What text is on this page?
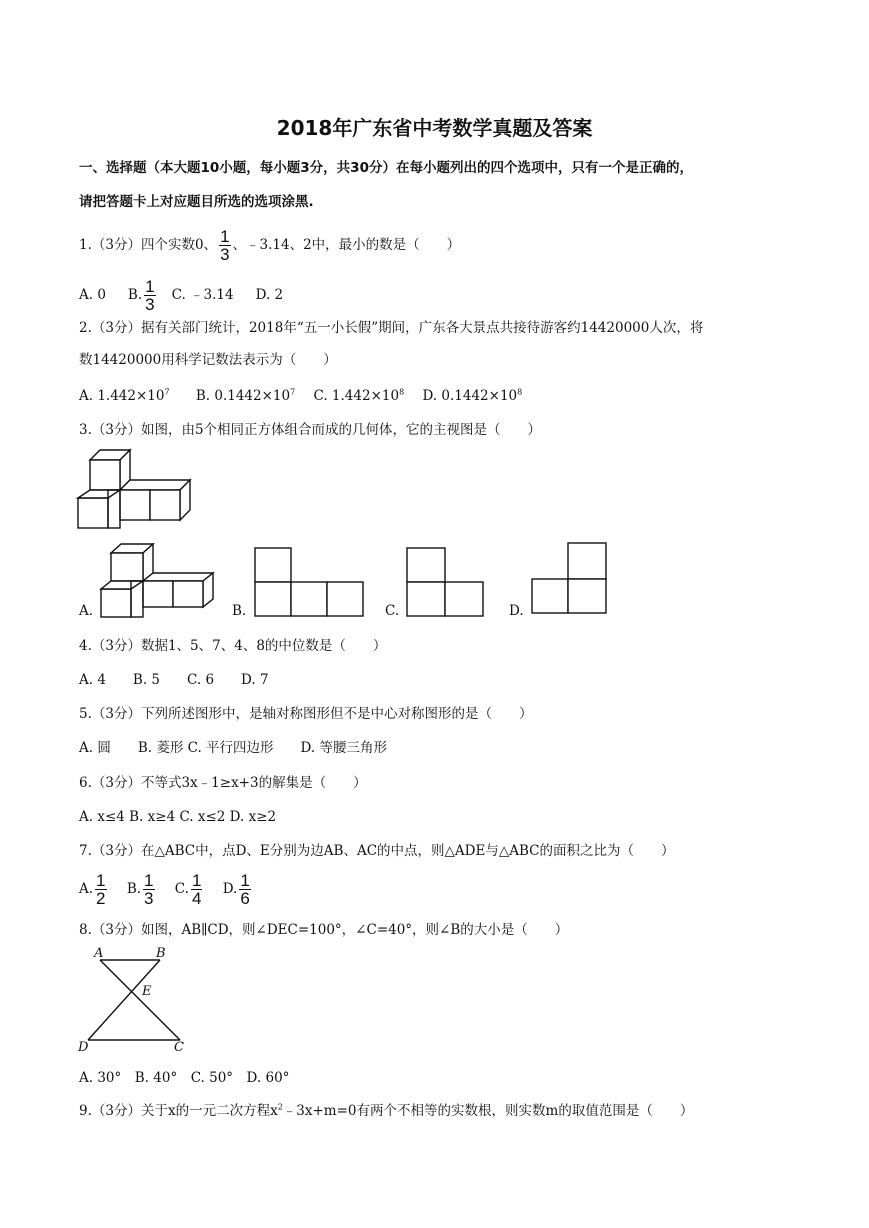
2018年广东省中考数学真题及答案
一、选择题（本大题10小题，每小题3分，共30分）在每小题列出的四个选项中，只有一个是正确的，
请把答题卡上对应题目所选的选项涂黑.
1.（3分）四个实数0、 $\frac{1}{3}$ 、﹣3.14、2中，最小的数是（　　）
A. 0 B. $\frac{1}{3} C$. ﹣3.14 D. 2
2.（3分）据有关部门统计，2018年“五一小长假”期间，广东各大景点共接待游客约14420000人次，将
数14420000用科学记数法表示为（　　）
A. $1.442\times 10^7$ B. $0.1442\times 10^7$ C. $1.442\times 10^8$ D. $0.1442\times 10^8$
3.（3分）如图，由5个相同正方体组合而成的几何体，它的主视图是（　　）
A.	B.	C.	D.
4.（3分）数据1、5、7、4、8的中位数是（　　）
A. 4　　B. 5　　C. 6　　D. 7
5.（3分）下列所述图形中，是轴对称图形但不是中心对称图形的是（　　）
A. 圆　　B. 菱形 C. 平行四边形　　D. 等腰三角形
6.（3分）不等式3x﹣1≥x+3的解集是（　　）
A. x≤4 B. x≥4 C. x≤2 D. x≥2
7.（3分）在△ABC中，点D、E分别为边AB、AC的中点，则△ADE与△ABC的面积之比为（　　）
A. $\frac{1}{2} B$. $\frac{1}{3} C$. $\frac{1}{4} D$. $\frac{1}{6}$
8.（3分）如图，AB∥CD，则∠DEC=100°，∠C=40°，则∠B的大小是（　　）
A	B
E
D	C
A. 30°　B. 40°　C. 50°　D. 60°
9.（3分）关于x的一元二次方程$x^2﹣3x+m=0$有两个不相等的实数根，则实数m的取值范围是（　　）
